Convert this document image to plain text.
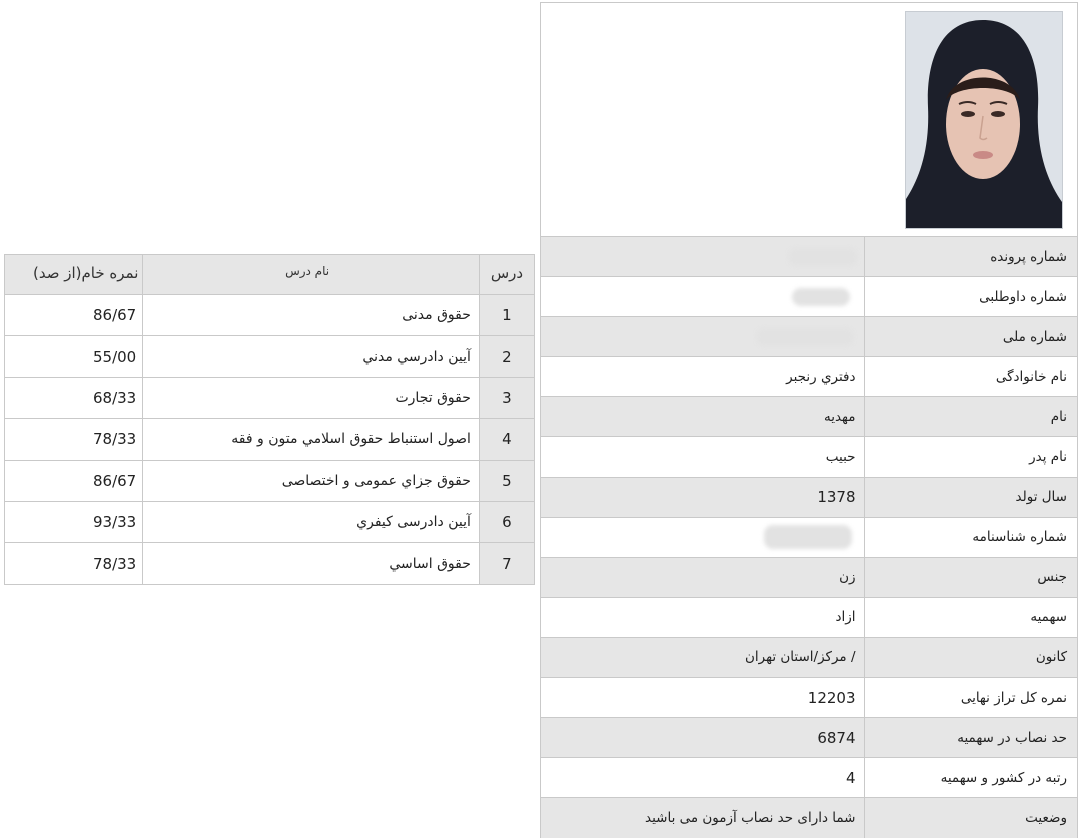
درس	نام درس	نمره خام(از صد)
1	حقوق مدنی	86/67
2	آيين دادرسي مدني	55/00
3	حقوق تجارت	68/33
4	اصول استنباط حقوق اسلامي متون و فقه	78/33
5	حقوق جزاي عمومی و اختصاصی	86/67
6	آيين دادرسی کيفري	93/33
7	حقوق اساسي	78/33
شماره پرونده	
شماره داوطلبی	
شماره ملی	
نام خانوادگی	دفتري رنجبر
نام	مهدیه
نام پدر	حبیب
سال تولد	1378
شماره شناسنامه	
جنس	زن
سهمیه	ازاد
کانون	/ مرکز/استان تهران
نمره کل تراز نهایی	12203
حد نصاب در سهمیه	6874
رتبه در کشور و سهمیه	4
وضعیت	شما دارای حد نصاب آزمون می باشید
